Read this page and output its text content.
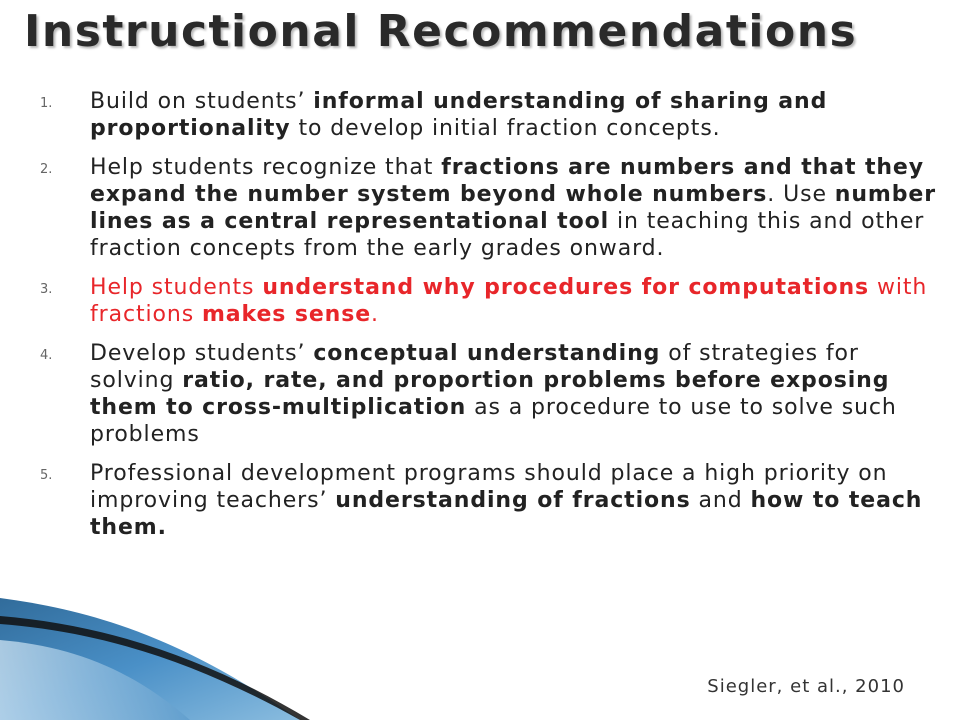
Instructional Recommendations
1.	Build on students’ informal understanding of sharing and proportionality to develop initial fraction concepts.
2.	Help students recognize that fractions are numbers and that they expand the number system beyond whole numbers. Use number lines as a central representational tool in teaching this and other fraction concepts from the early grades onward.
3.	Help students understand why procedures for computations with fractions makes sense.
4.	Develop students’ conceptual understanding of strategies for solving ratio, rate, and proportion problems before exposing them to cross-multiplication as a procedure to use to solve such problems
5.	Professional development programs should place a high priority on improving teachers’ understanding of fractions and how to teach them.
Siegler, et al., 2010
